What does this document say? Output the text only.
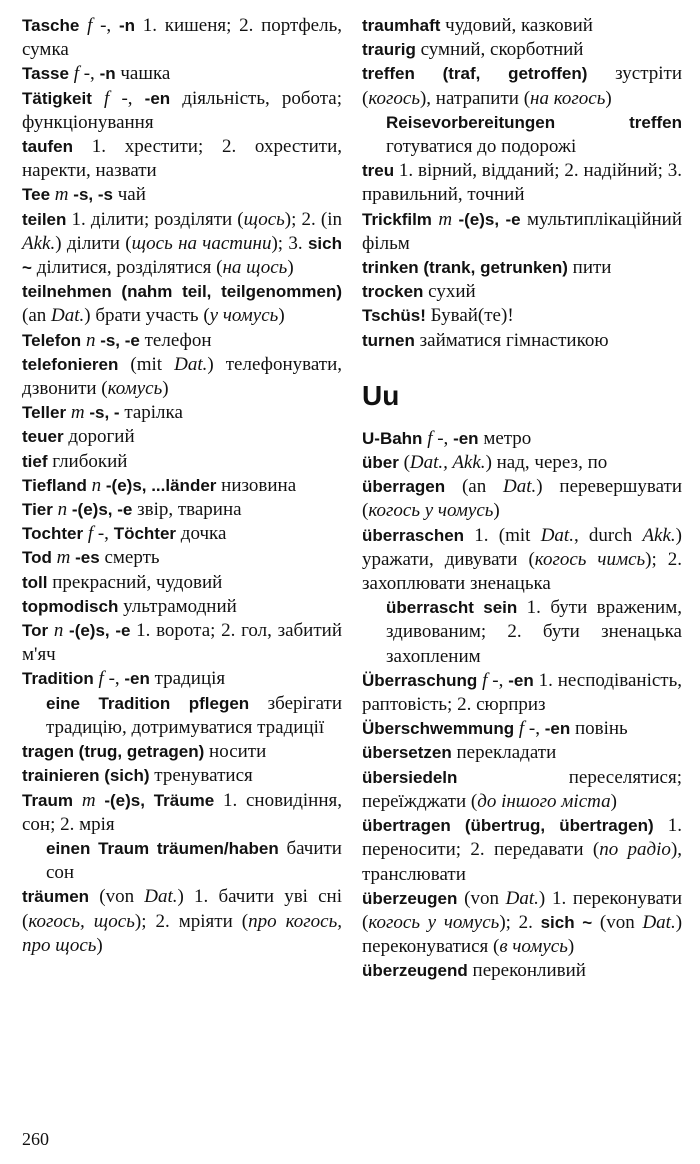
Tasche f -, -n 1. кишеня; 2. портфель, сумка
Tasse f -, -n чашка
Tätigkeit f -, -en діяльність, робота; функціонування
taufen 1. хрестити; 2. охрестити, наректи, назвати
Tee m -s, -s чай
teilen 1. ділити; розділяти (щось); 2. (in Akk.) ділити (щось на частини); 3. sich ~ ділитися, розділятися (на щось)
teilnehmen (nahm teil, teilgenommen) (an Dat.) брати участь (у чомусь)
Telefon n -s, -e телефон
telefonieren (mit Dat.) телефонувати, дзвонити (комусь)
Teller m -s, - тарілка
teuer дорогий
tief глибокий
Tiefland n -(e)s, ...länder низовина
Tier n -(e)s, -e звір, тварина
Tochter f -, Töchter дочка
Tod m -es смерть
toll прекрасний, чудовий
topmodisch ультрамодний
Tor n -(e)s, -e 1. ворота; 2. гол, забитий м'яч
Tradition f -, -en традиція
eine Tradition pflegen зберігати традицію, дотримуватися традиції
tragen (trug, getragen) носити
trainieren (sich) тренуватися
Traum m -(e)s, Träume 1. сновидіння, сон; 2. мрія
einen Traum träumen/haben бачити сон
träumen (von Dat.) 1. бачити уві сні (когось, щось); 2. мріяти (про когось, про щось)
traumhaft чудовий, казковий
traurig сумний, скорботний
treffen (traf, getroffen) зустріти (когось), натрапити (на когось)
Reisevorbereitungen treffen готуватися до подорожі
treu 1. вірний, відданий; 2. надійний; 3. правильний, точний
Trickfilm m -(e)s, -e мультиплікаційний фільм
trinken (trank, getrunken) пити
trocken сухий
Tschüs! Бувай(те)!
turnen займатися гімнастикою
Uu
U-Bahn f -, -en метро
über (Dat., Akk.) над, через, по
überragen (an Dat.) перевершувати (когось у чомусь)
überraschen 1. (mit Dat., durch Akk.) уражати, дивувати (когось чимсь); 2. захоплювати зненацька
überrascht sein 1. бути враженим, здивованим; 2. бути зненацька захопленим
Überraschung f -, -en 1. несподіваність, раптовість; 2. сюрприз
Überschwemmung f -, -en повінь
übersetzen перекладати
übersiedeln переселятися; переїжджати (до іншого міста)
übertragen (übertrug, übertragen) 1. переносити; 2. передавати (по радіо), транслювати
überzeugen (von Dat.) 1. переконувати (когось у чомусь); 2. sich ~ (von Dat.) переконуватися (в чомусь)
überzeugend переконливий
260
